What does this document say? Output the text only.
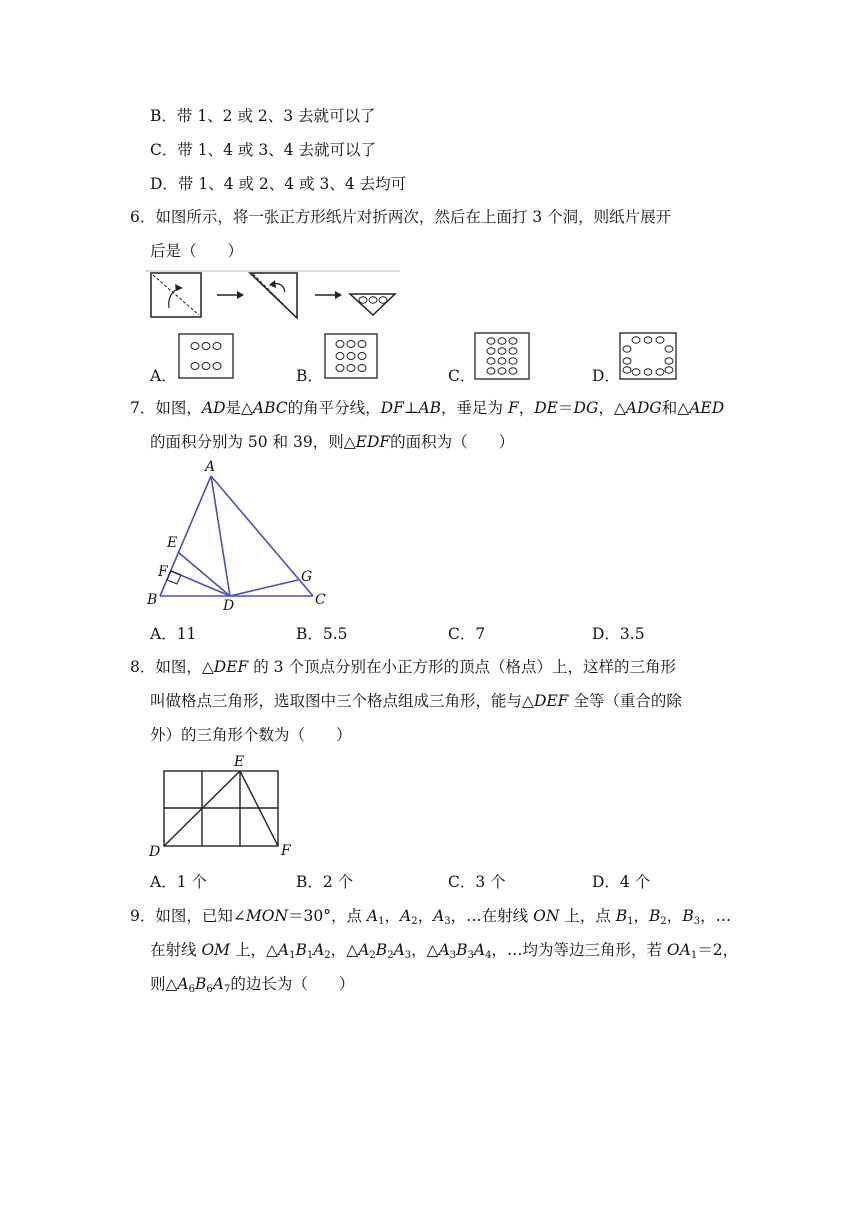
B．带 1、2 或 2、3 去就可以了
C．带 1、4 或 3、4 去就可以了
D．带 1、4 或 2、4 或 3、4 去均可
6．如图所示，将一张正方形纸片对折两次，然后在上面打 3 个洞，则纸片展开
后是（　　）
A．	B．	C．	D．
7．如图，AD是△ABC的角平分线，DF⊥AB，垂足为 F，DE＝DG，△ADG和△AED
的面积分别为 50 和 39，则△EDF的面积为（　　）
A
E
F
B	D
G
C
A．11	B．5.5	C．7	D．3.5
8．如图，△DEF 的 3 个顶点分别在小正方形的顶点（格点）上，这样的三角形
叫做格点三角形，选取图中三个格点组成三角形，能与△DEF 全等（重合的除
外）的三角形个数为（　　）
E
D	F
A．1 个	B．2 个	C．3 个	D．4 个
9．如图，已知∠MON＝30°，点 $A_1$，$A_2$，$A_3$，…在射线 ON 上，点 $B_1$，$B_2$，$B_3$，…
在射线 OM 上，$\triangle A_1B_1A_2$，$\triangle A_2B_2A_3$，$\triangle A_3B_3A_4$，…均为等边三角形，若 $OA_1=2$，
则$\triangle A_6B_6A_7$的边长为（　　）
